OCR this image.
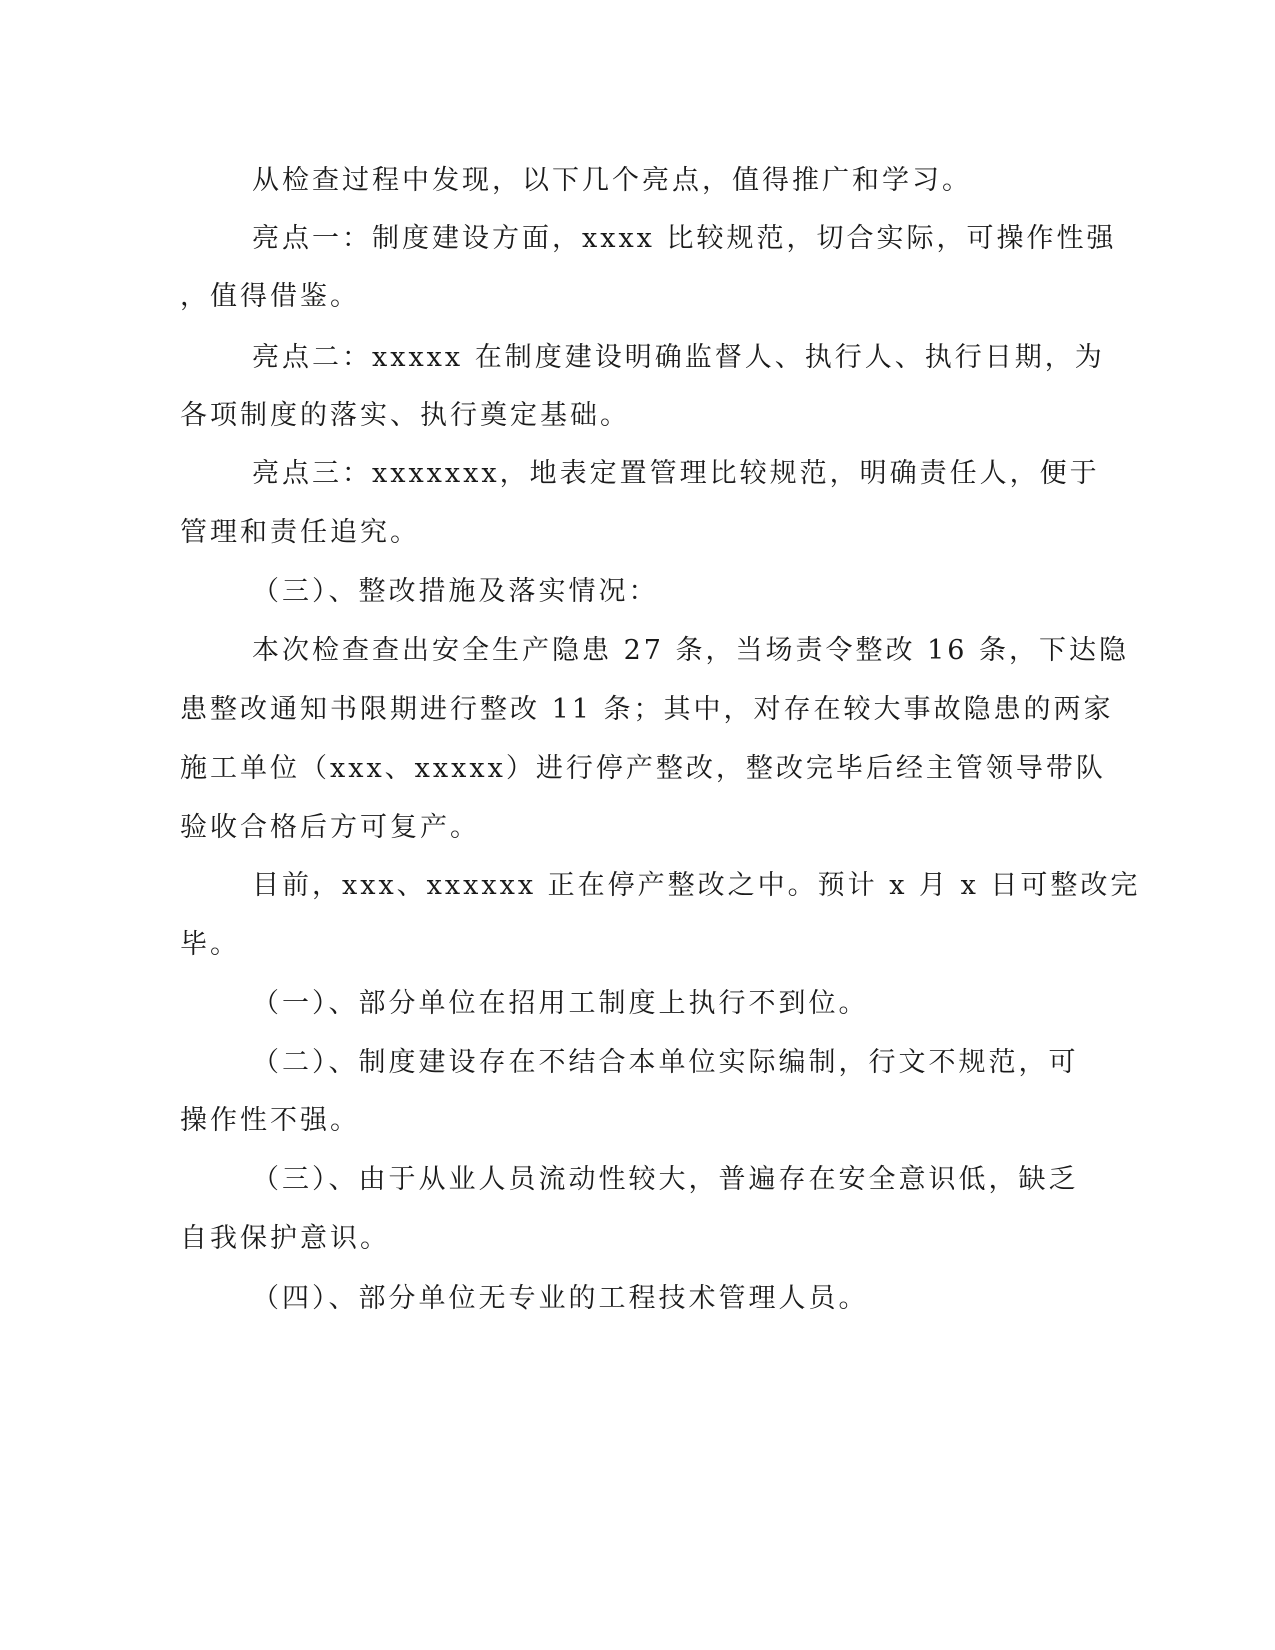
从检查过程中发现，以下几个亮点，值得推广和学习。
亮点一：制度建设方面，xxxx 比较规范，切合实际，可操作性强
，值得借鉴。
亮点二：xxxxx 在制度建设明确监督人、执行人、执行日期，为
各项制度的落实、执行奠定基础。
亮点三：xxxxxxx，地表定置管理比较规范，明确责任人，便于
管理和责任追究。
（三）、整改措施及落实情况：
本次检查查出安全生产隐患 27 条，当场责令整改 16 条，下达隐
患整改通知书限期进行整改 11 条；其中，对存在较大事故隐患的两家
施工单位（xxx、xxxxx）进行停产整改，整改完毕后经主管领导带队
验收合格后方可复产。
目前，xxx、xxxxxx 正在停产整改之中。预计 x 月 x 日可整改完
毕。
（一）、部分单位在招用工制度上执行不到位。
（二）、制度建设存在不结合本单位实际编制，行文不规范，可
操作性不强。
（三）、由于从业人员流动性较大，普遍存在安全意识低，缺乏
自我保护意识。
（四）、部分单位无专业的工程技术管理人员。
